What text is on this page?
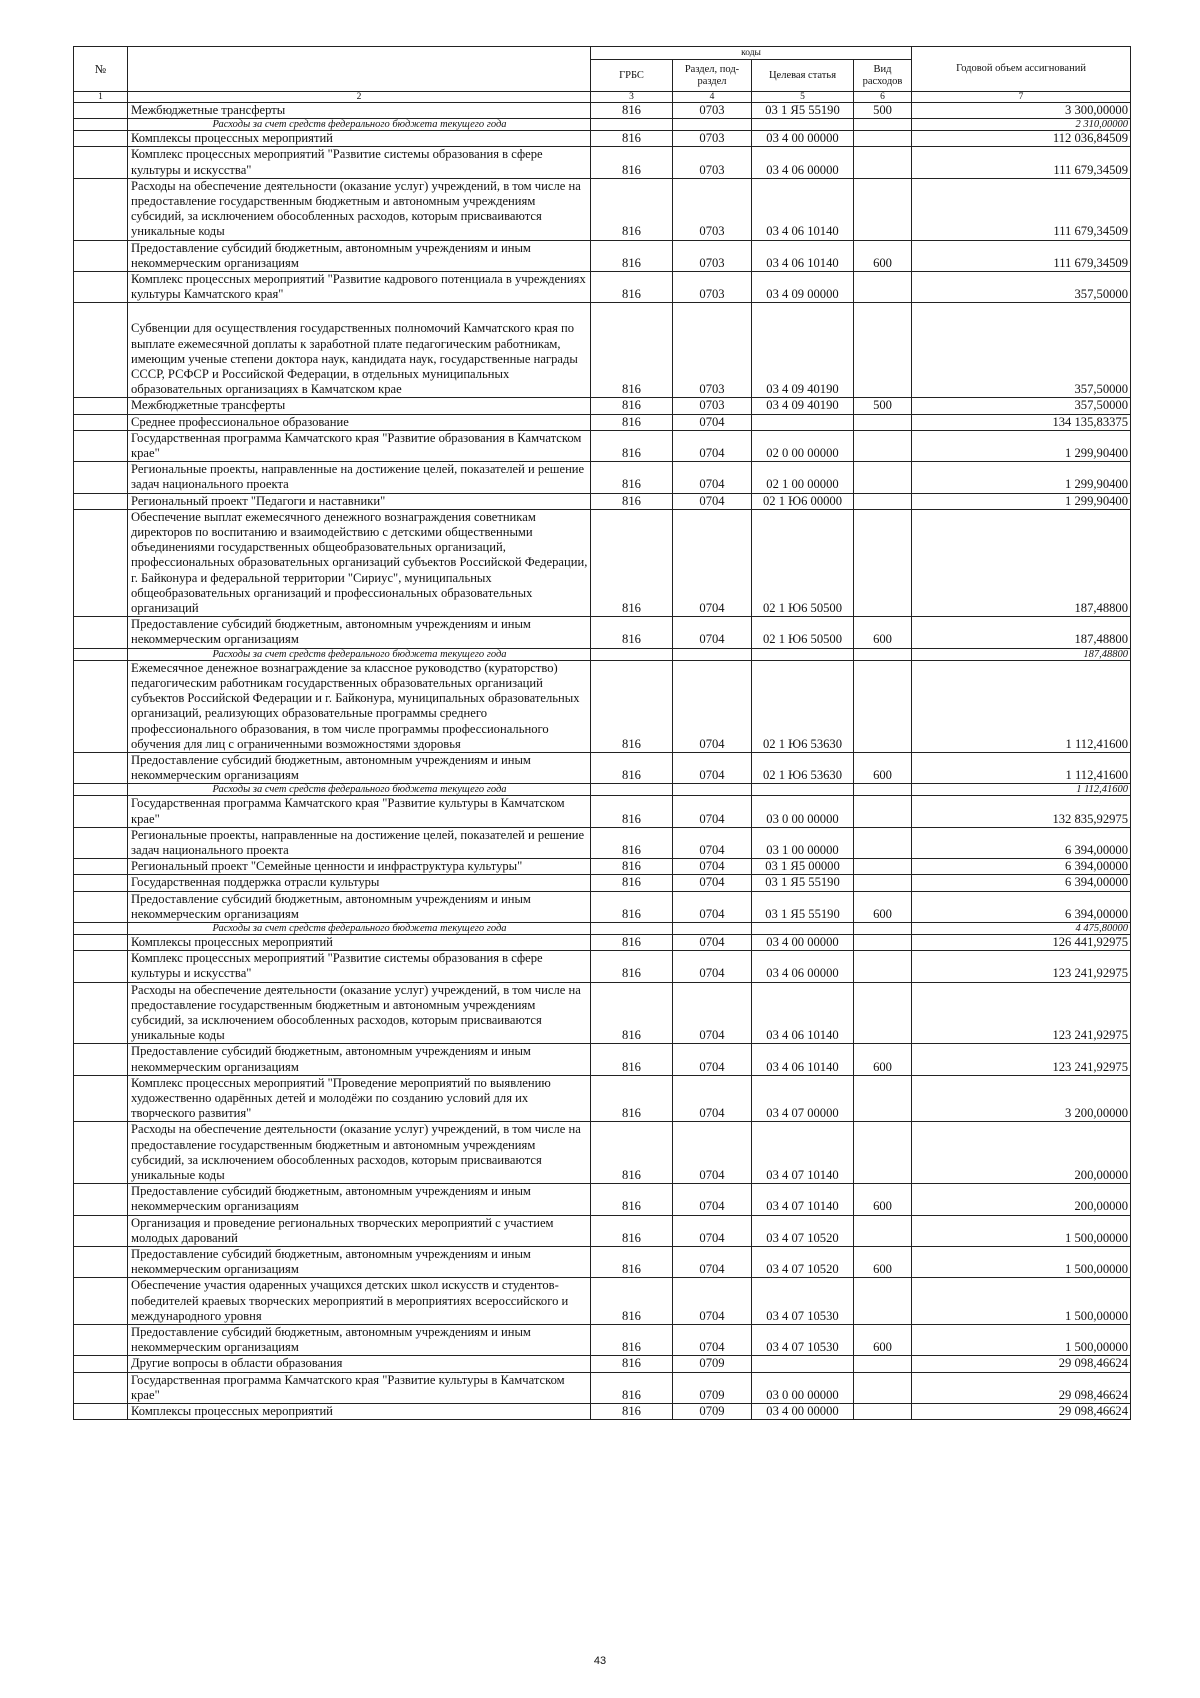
№		коды				Годовой объем ассигнований
		ГРБС	Раздел, под-раздел	Целевая статья	Вид расходов	
1	2	3	4	5	6	7
	Межбюджетные трансферты	816	0703	03 1 Я5 55190	500	3 300,00000
	Расходы за счет средств федерального бюджета текущего года					2 310,00000
	Комплексы процессных мероприятий	816	0703	03 4 00 00000		112 036,84509
	Комплекс процессных мероприятий "Развитие системы образования в сфере культуры и искусства"	816	0703	03 4 06 00000		111 679,34509
	Расходы на обеспечение деятельности (оказание услуг) учреждений, в том числе на предоставление государственным бюджетным и автономным учреждениям субсидий, за исключением обособленных расходов, которым присваиваются уникальные коды	816	0703	03 4 06 10140		111 679,34509
	Предоставление субсидий бюджетным, автономным учреждениям и иным некоммерческим организациям	816	0703	03 4 06 10140	600	111 679,34509
	Комплекс процессных мероприятий "Развитие кадрового потенциала в учреждениях культуры Камчатского края"	816	0703	03 4 09 00000		357,50000
	Субвенции для осуществления государственных полномочий Камчатского края по выплате ежемесячной доплаты к заработной плате педагогическим работникам, имеющим ученые степени доктора наук, кандидата наук, государственные награды СССР, РСФСР и Российской Федерации, в отдельных муниципальных образовательных организациях в Камчатском крае	816	0703	03 4 09 40190		357,50000
	Межбюджетные трансферты	816	0703	03 4 09 40190	500	357,50000
	Среднее профессиональное образование	816	0704			134 135,83375
	Государственная программа Камчатского края "Развитие образования в Камчатском крае"	816	0704	02 0 00 00000		1 299,90400
	Региональные проекты, направленные на достижение целей, показателей и решение задач национального проекта	816	0704	02 1 00 00000		1 299,90400
	Региональный проект "Педагоги и наставники"	816	0704	02 1 Ю6 00000		1 299,90400
	Обеспечение выплат ежемесячного денежного вознаграждения советникам директоров по воспитанию и взаимодействию с детскими общественными объединениями государственных общеобразовательных организаций, профессиональных образовательных организаций субъектов Российской Федерации, г. Байконура и федеральной территории "Сириус", муниципальных общеобразовательных организаций и профессиональных образовательных организаций	816	0704	02 1 Ю6 50500		187,48800
	Предоставление субсидий бюджетным, автономным учреждениям и иным некоммерческим организациям	816	0704	02 1 Ю6 50500	600	187,48800
	Расходы за счет средств федерального бюджета текущего года					187,48800
	Ежемесячное денежное вознаграждение за классное руководство (кураторство) педагогическим работникам государственных образовательных организаций субъектов Российской Федерации и г. Байконура, муниципальных образовательных организаций, реализующих образовательные программы среднего профессионального образования, в том числе программы профессионального обучения для лиц с ограниченными возможностями здоровья	816	0704	02 1 Ю6 53630		1 112,41600
	Предоставление субсидий бюджетным, автономным учреждениям и иным некоммерческим организациям	816	0704	02 1 Ю6 53630	600	1 112,41600
	Расходы за счет средств федерального бюджета текущего года					1 112,41600
	Государственная программа Камчатского края "Развитие культуры в Камчатском крае"	816	0704	03 0 00 00000		132 835,92975
	Региональные проекты, направленные на достижение целей, показателей и решение задач национального проекта	816	0704	03 1 00 00000		6 394,00000
	Региональный проект "Семейные ценности и инфраструктура культуры"	816	0704	03 1 Я5 00000		6 394,00000
	Государственная поддержка отрасли культуры	816	0704	03 1 Я5 55190		6 394,00000
	Предоставление субсидий бюджетным, автономным учреждениям и иным некоммерческим организациям	816	0704	03 1 Я5 55190	600	6 394,00000
	Расходы за счет средств федерального бюджета текущего года					4 475,80000
	Комплексы процессных мероприятий	816	0704	03 4 00 00000		126 441,92975
	Комплекс процессных мероприятий "Развитие системы образования в сфере культуры и искусства"	816	0704	03 4 06 00000		123 241,92975
	Расходы на обеспечение деятельности (оказание услуг) учреждений, в том числе на предоставление государственным бюджетным и автономным учреждениям субсидий, за исключением обособленных расходов, которым присваиваются уникальные коды	816	0704	03 4 06 10140		123 241,92975
	Предоставление субсидий бюджетным, автономным учреждениям и иным некоммерческим организациям	816	0704	03 4 06 10140	600	123 241,92975
	Комплекс процессных мероприятий "Проведение мероприятий по выявлению художественно одарённых детей и молодёжи по созданию условий для их творческого развития"	816	0704	03 4 07 00000		3 200,00000
	Расходы на обеспечение деятельности (оказание услуг) учреждений, в том числе на предоставление государственным бюджетным и автономным учреждениям субсидий, за исключением обособленных расходов, которым присваиваются уникальные коды	816	0704	03 4 07 10140		200,00000
	Предоставление субсидий бюджетным, автономным учреждениям и иным некоммерческим организациям	816	0704	03 4 07 10140	600	200,00000
	Организация и проведение региональных творческих мероприятий с участием молодых дарований	816	0704	03 4 07 10520		1 500,00000
	Предоставление субсидий бюджетным, автономным учреждениям и иным некоммерческим организациям	816	0704	03 4 07 10520	600	1 500,00000
	Обеспечение участия одаренных учащихся детских школ искусств и студентов-победителей краевых творческих мероприятий в мероприятиях всероссийского и международного уровня	816	0704	03 4 07 10530		1 500,00000
	Предоставление субсидий бюджетным, автономным учреждениям и иным некоммерческим организациям	816	0704	03 4 07 10530	600	1 500,00000
	Другие вопросы в области образования	816	0709			29 098,46624
	Государственная программа Камчатского края "Развитие культуры в Камчатском крае"	816	0709	03 0 00 00000		29 098,46624
	Комплексы процессных мероприятий	816	0709	03 4 00 00000		29 098,46624
43
